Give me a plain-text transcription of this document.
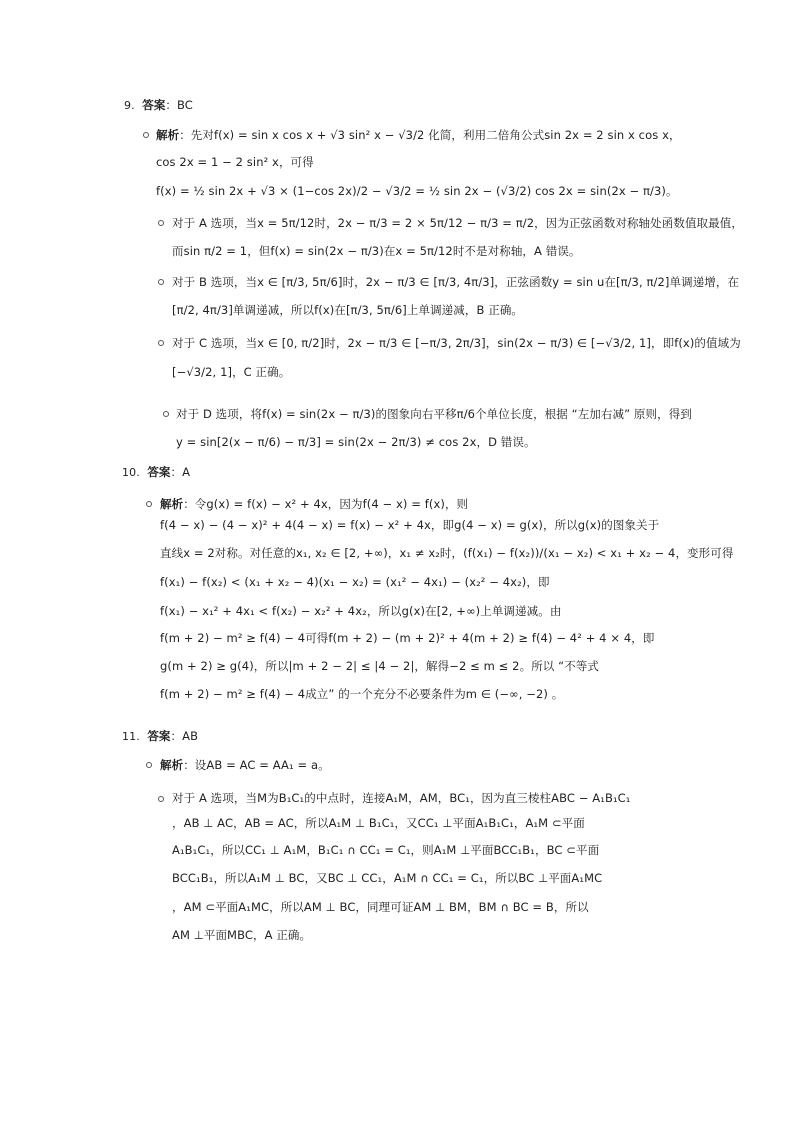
9. 答案：BC
解析：先对f(x) = sin x cos x + √3 sin² x − √3/2 化简，利用二倍角公式sin 2x = 2 sin x cos x，
cos 2x = 1 − 2 sin² x，可得
f(x) = ½ sin 2x + √3 × (1−cos 2x)/2 − √3/2 = ½ sin 2x − (√3/2) cos 2x = sin(2x − π/3)。
对于 A 选项，当x = 5π/12时，2x − π/3 = 2 × 5π/12 − π/3 = π/2，因为正弦函数对称轴处函数值取最值，
而sin π/2 = 1，但f(x) = sin(2x − π/3)在x = 5π/12时不是对称轴，A 错误。
对于 B 选项，当x ∈ [π/3, 5π/6]时，2x − π/3 ∈ [π/3, 4π/3]，正弦函数y = sin u在[π/3, π/2]单调递增，在
[π/2, 4π/3]单调递减，所以f(x)在[π/3, 5π/6]上单调递减，B 正确。
对于 C 选项，当x ∈ [0, π/2]时，2x − π/3 ∈ [−π/3, 2π/3]，sin(2x − π/3) ∈ [−√3/2, 1]，即f(x)的值域为
[−√3/2, 1]，C 正确。
对于 D 选项，将f(x) = sin(2x − π/3)的图象向右平移π/6个单位长度，根据 “左加右减” 原则，得到
y = sin[2(x − π/6) − π/3] = sin(2x − 2π/3) ≠ cos 2x，D 错误。
10. 答案：A
解析：令g(x) = f(x) − x² + 4x，因为f(4 − x) = f(x)，则
f(4 − x) − (4 − x)² + 4(4 − x) = f(x) − x² + 4x，即g(4 − x) = g(x)，所以g(x)的图象关于
直线x = 2对称。对任意的x₁, x₂ ∈ [2, +∞)，x₁ ≠ x₂时，(f(x₁) − f(x₂))/(x₁ − x₂) < x₁ + x₂ − 4，变形可得
f(x₁) − f(x₂) < (x₁ + x₂ − 4)(x₁ − x₂) = (x₁² − 4x₁) − (x₂² − 4x₂)，即
f(x₁) − x₁² + 4x₁ < f(x₂) − x₂² + 4x₂，所以g(x)在[2, +∞)上单调递减。由
f(m + 2) − m² ≥ f(4) − 4可得f(m + 2) − (m + 2)² + 4(m + 2) ≥ f(4) − 4² + 4 × 4，即
g(m + 2) ≥ g(4)，所以|m + 2 − 2| ≤ |4 − 2|，解得−2 ≤ m ≤ 2。所以 “不等式
f(m + 2) − m² ≥ f(4) − 4成立” 的一个充分不必要条件为m ∈ (−∞, −2) 。
11. 答案：AB
解析：设AB = AC = AA₁ = a。
对于 A 选项，当M为B₁C₁的中点时，连接A₁M，AM，BC₁，因为直三棱柱ABC − A₁B₁C₁
，AB ⊥ AC，AB = AC，所以A₁M ⊥ B₁C₁，又CC₁ ⊥平面A₁B₁C₁，A₁M ⊂平面
A₁B₁C₁，所以CC₁ ⊥ A₁M，B₁C₁ ∩ CC₁ = C₁，则A₁M ⊥平面BCC₁B₁，BC ⊂平面
BCC₁B₁，所以A₁M ⊥ BC，又BC ⊥ CC₁，A₁M ∩ CC₁ = C₁，所以BC ⊥平面A₁MC
，AM ⊂平面A₁MC，所以AM ⊥ BC，同理可证AM ⊥ BM，BM ∩ BC = B，所以
AM ⊥平面MBC，A 正确。
